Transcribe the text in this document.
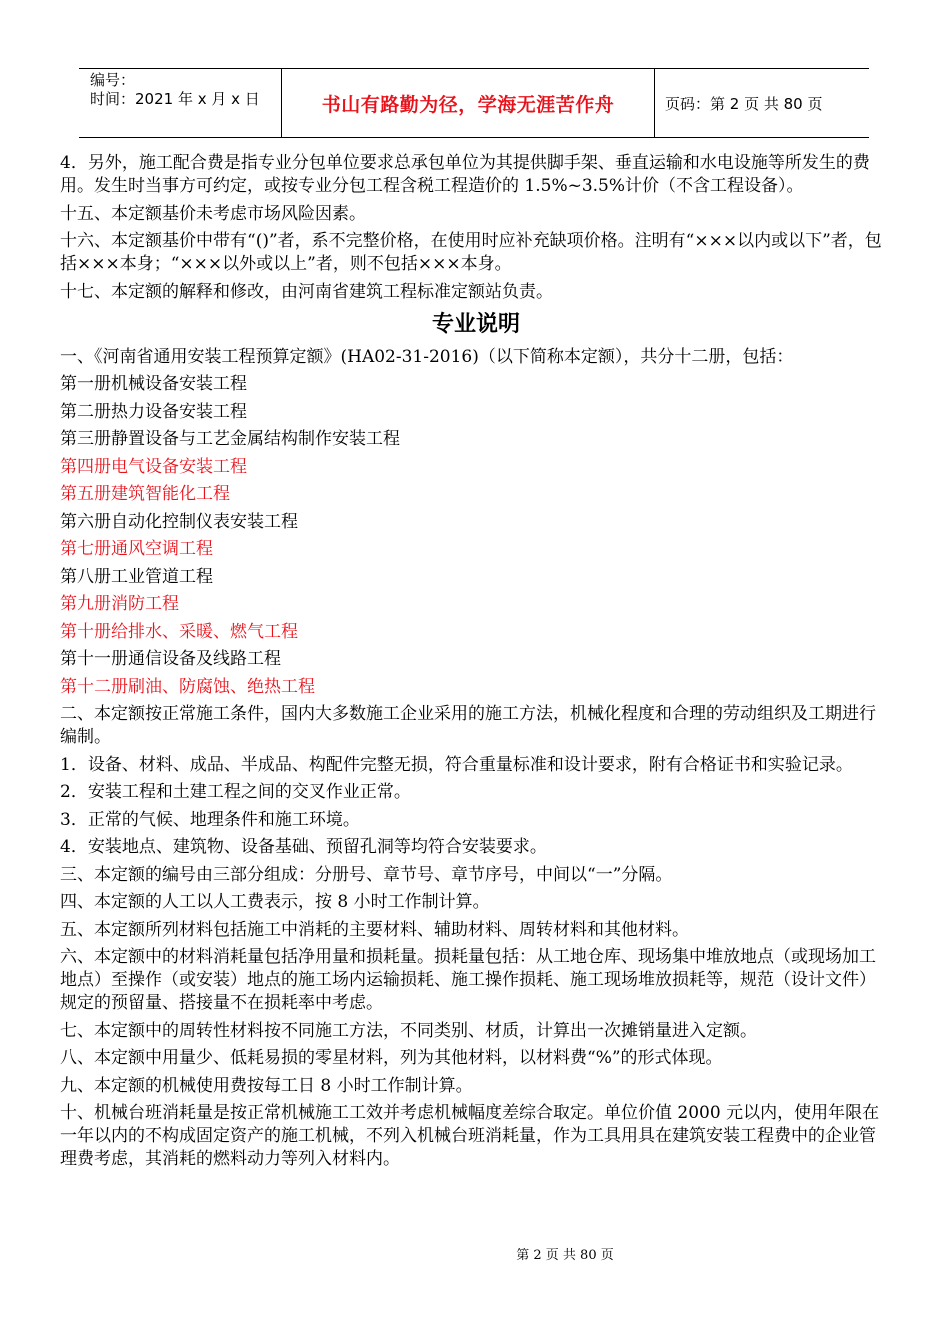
编号：
时间：2021 年 x 月 x 日	书山有路勤为径，学海无涯苦作舟	页码：第 2 页 共 80 页

4．另外，施工配合费是指专业分包单位要求总承包单位为其提供脚手架、垂直运输和水电设施等所发生的费用。发生时当事方可约定，或按专业分包工程含税工程造价的 1.5%~3.5%计价（不含工程设备）。

十五、本定额基价未考虑市场风险因素。

十六、本定额基价中带有“()”者，系不完整价格，在使用时应补充缺项价格。注明有“×××以内或以下”者，包括×××本身；“×××以外或以上”者，则不包括×××本身。

十七、本定额的解释和修改，由河南省建筑工程标准定额站负责。

专业说明

一、《河南省通用安装工程预算定额》(HA02-31-2016)（以下简称本定额），共分十二册，包括：

第一册机械设备安装工程

第二册热力设备安装工程

第三册静置设备与工艺金属结构制作安装工程

第四册电气设备安装工程

第五册建筑智能化工程

第六册自动化控制仪表安装工程

第七册通风空调工程

第八册工业管道工程

第九册消防工程

第十册给排水、采暖、燃气工程

第十一册通信设备及线路工程

第十二册刷油、防腐蚀、绝热工程

二、本定额按正常施工条件，国内大多数施工企业采用的施工方法，机械化程度和合理的劳动组织及工期进行编制。

1．设备、材料、成品、半成品、构配件完整无损，符合重量标准和设计要求，附有合格证书和实验记录。

2．安装工程和土建工程之间的交叉作业正常。

3．正常的气候、地理条件和施工环境。

4．安装地点、建筑物、设备基础、预留孔洞等均符合安装要求。

三、本定额的编号由三部分组成：分册号、章节号、章节序号，中间以“一”分隔。

四、本定额的人工以人工费表示，按 8 小时工作制计算。

五、本定额所列材料包括施工中消耗的主要材料、辅助材料、周转材料和其他材料。

六、本定额中的材料消耗量包括净用量和损耗量。损耗量包括：从工地仓库、现场集中堆放地点（或现场加工地点）至操作（或安装）地点的施工场内运输损耗、施工操作损耗、施工现场堆放损耗等，规范（设计文件）规定的预留量、搭接量不在损耗率中考虑。

七、本定额中的周转性材料按不同施工方法，不同类别、材质，计算出一次摊销量进入定额。

八、本定额中用量少、低耗易损的零星材料，列为其他材料，以材料费“%”的形式体现。

九、本定额的机械使用费按每工日 8 小时工作制计算。

十、机械台班消耗量是按正常机械施工工效并考虑机械幅度差综合取定。单位价值 2000 元以内，使用年限在一年以内的不构成固定资产的施工机械，不列入机械台班消耗量，作为工具用具在建筑安装工程费中的企业管理费考虑，其消耗的燃料动力等列入材料内。

第 2 页 共 80 页
